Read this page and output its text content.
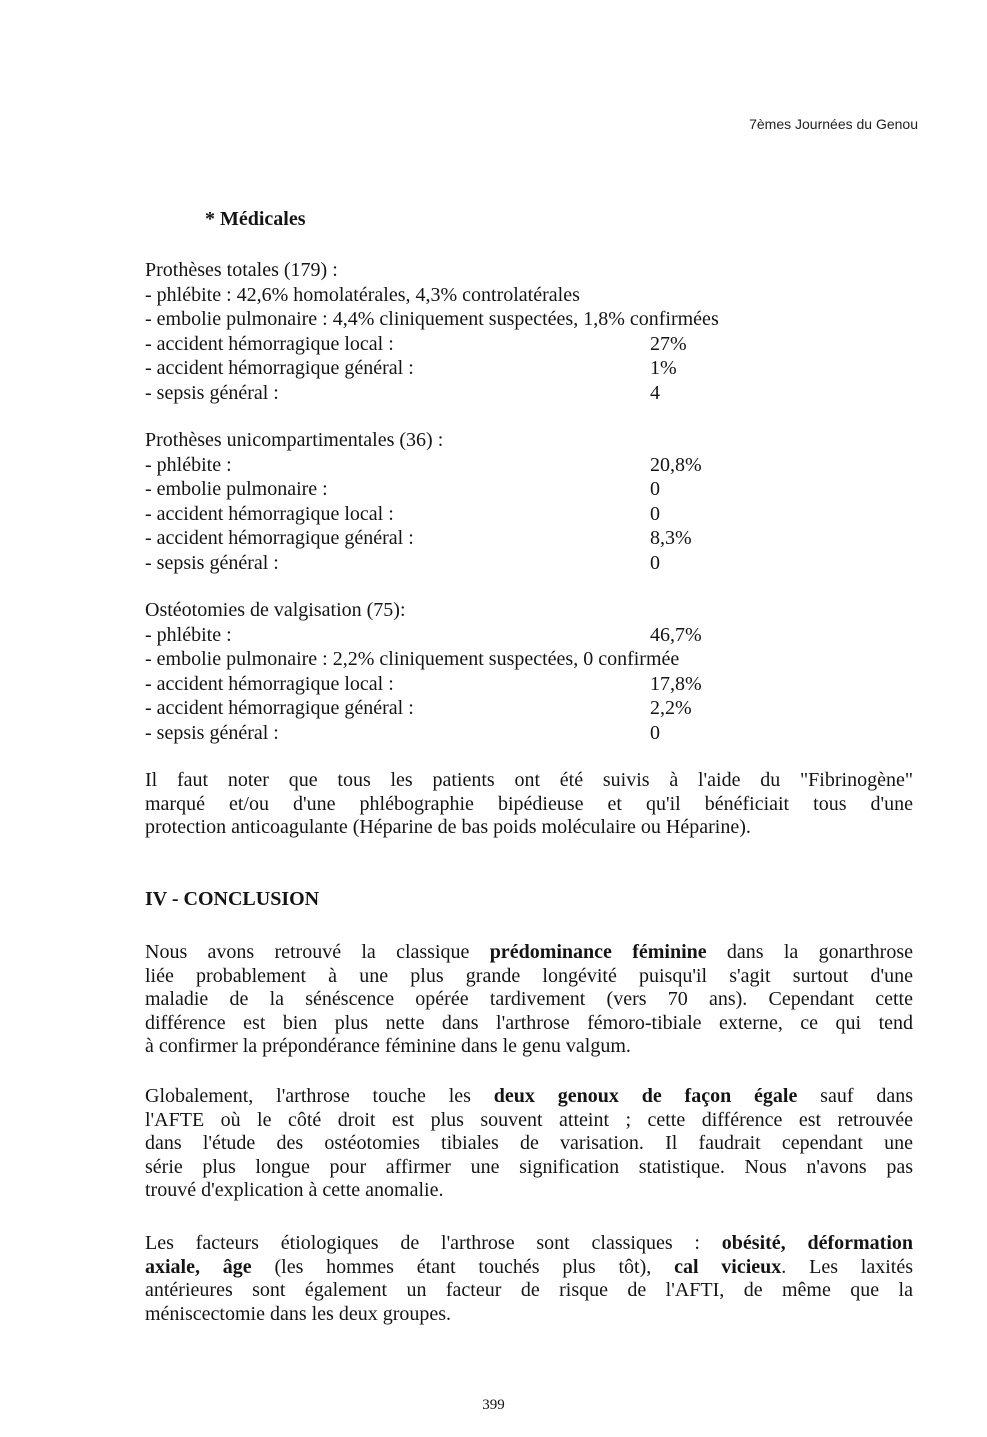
7èmes Journées du Genou
* Médicales
Prothèses totales (179) :
- phlébite : 42,6% homolatérales, 4,3% controlatérales
- embolie pulmonaire : 4,4% cliniquement suspectées, 1,8% confirmées
- accident hémorragique local :	27%
- accident hémorragique général :	1%
- sepsis général :	4
Prothèses unicompartimentales (36) :
- phlébite :	20,8%
- embolie pulmonaire :	0
- accident hémorragique local :	0
- accident hémorragique général :	8,3%
- sepsis général :	0
Ostéotomies de valgisation (75):
- phlébite :	46,7%
- embolie pulmonaire : 2,2% cliniquement suspectées, 0 confirmée
- accident hémorragique local :	17,8%
- accident hémorragique général :	2,2%
- sepsis général :	0
Il faut noter que tous les patients ont été suivis à l'aide du "Fibrinogène"
marqué et/ou d'une phlébographie bipédieuse et qu'il bénéficiait tous d'une
protection anticoagulante (Héparine de bas poids moléculaire ou Héparine).
IV - CONCLUSION
Nous avons retrouvé la classique prédominance féminine dans la gonarthrose
liée probablement à une plus grande longévité puisqu'il s'agit surtout d'une
maladie de la sénéscence opérée tardivement (vers 70 ans). Cependant cette
différence est bien plus nette dans l'arthrose fémoro-tibiale externe, ce qui tend
à confirmer la prépondérance féminine dans le genu valgum.
Globalement, l'arthrose touche les deux genoux de façon égale sauf dans
l'AFTE où le côté droit est plus souvent atteint ; cette différence est retrouvée
dans l'étude des ostéotomies tibiales de varisation. Il faudrait cependant une
série plus longue pour affirmer une signification statistique. Nous n'avons pas
trouvé d'explication à cette anomalie.
Les facteurs étiologiques de l'arthrose sont classiques : obésité, déformation
axiale, âge (les hommes étant touchés plus tôt), cal vicieux. Les laxités
antérieures sont également un facteur de risque de l'AFTI, de même que la
méniscectomie dans les deux groupes.
399
